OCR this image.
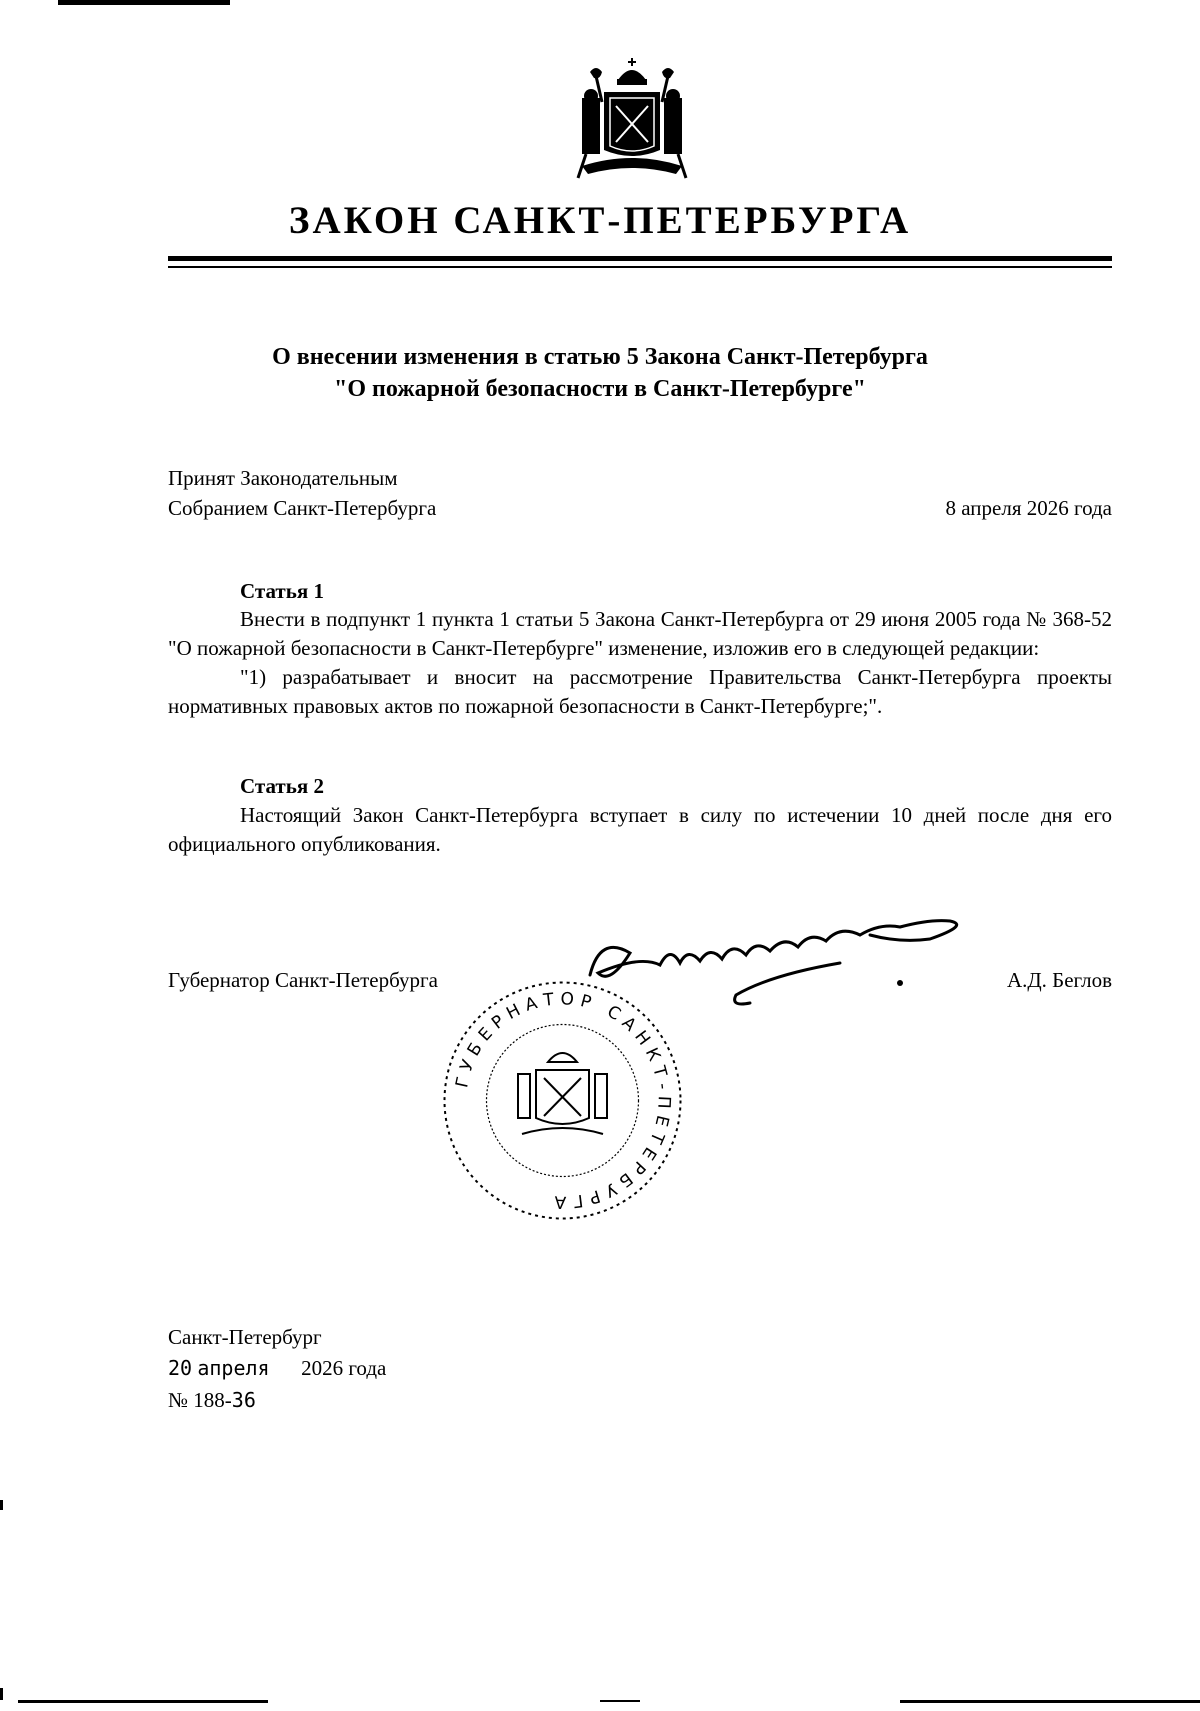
ЗАКОН САНКТ-ПЕТЕРБУРГА
О внесении изменения в статью 5 Закона Санкт-Петербурга
"О пожарной безопасности в Санкт-Петербурге"
Принят Законодательным
Собранием Санкт-Петербурга	8 апреля 2026 года
Статья 1

Внести в подпункт 1 пункта 1 статьи 5 Закона Санкт-Петербурга от 29 июня 2005 года № 368-52 "О пожарной безопасности в Санкт-Петербурге" изменение, изложив его в следующей редакции:

"1) разрабатывает и вносит на рассмотрение Правительства Санкт-Петербурга проекты нормативных правовых актов по пожарной безопасности в Санкт-Петербурге;".

Статья 2

Настоящий Закон Санкт-Петербурга вступает в силу по истечении 10 дней после дня его официального опубликования.

Губернатор Санкт-Петербурга	А.Д. Беглов
ГУБЕРНАТОР САНКТ-ПЕТЕРБУРГА
Санкт-Петербург
20 апреля 2026 года
№ 188-36
